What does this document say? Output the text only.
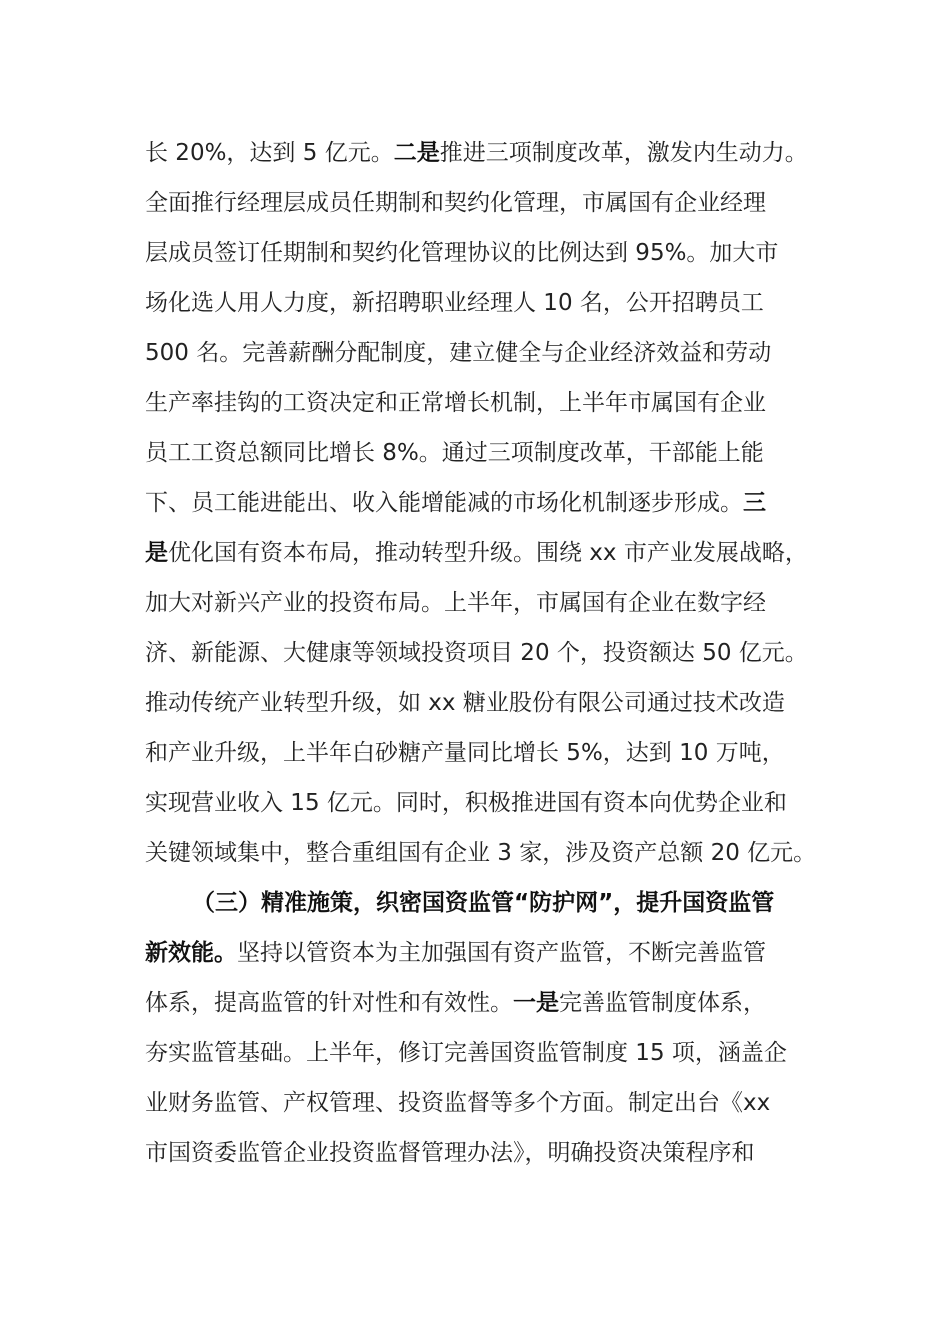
长 20%，达到 5 亿元。二是推进三项制度改革，激发内生动力。
全面推行经理层成员任期制和契约化管理，市属国有企业经理
层成员签订任期制和契约化管理协议的比例达到 95%。加大市
场化选人用人力度，新招聘职业经理人 10 名，公开招聘员工
500 名。完善薪酬分配制度，建立健全与企业经济效益和劳动
生产率挂钩的工资决定和正常增长机制，上半年市属国有企业
员工工资总额同比增长 8%。通过三项制度改革，干部能上能
下、员工能进能出、收入能增能减的市场化机制逐步形成。三
是优化国有资本布局，推动转型升级。围绕 xx 市产业发展战略，
加大对新兴产业的投资布局。上半年，市属国有企业在数字经
济、新能源、大健康等领域投资项目 20 个，投资额达 50 亿元。
推动传统产业转型升级，如 xx 糖业股份有限公司通过技术改造
和产业升级，上半年白砂糖产量同比增长 5%，达到 10 万吨，
实现营业收入 15 亿元。同时，积极推进国有资本向优势企业和
关键领域集中，整合重组国有企业 3 家，涉及资产总额 20 亿元。
（三）精准施策，织密国资监管“防护网”，提升国资监管
新效能。坚持以管资本为主加强国有资产监管，不断完善监管
体系，提高监管的针对性和有效性。一是完善监管制度体系，
夯实监管基础。上半年，修订完善国资监管制度 15 项，涵盖企
业财务监管、产权管理、投资监督等多个方面。制定出台《xx
市国资委监管企业投资监督管理办法》，明确投资决策程序和
